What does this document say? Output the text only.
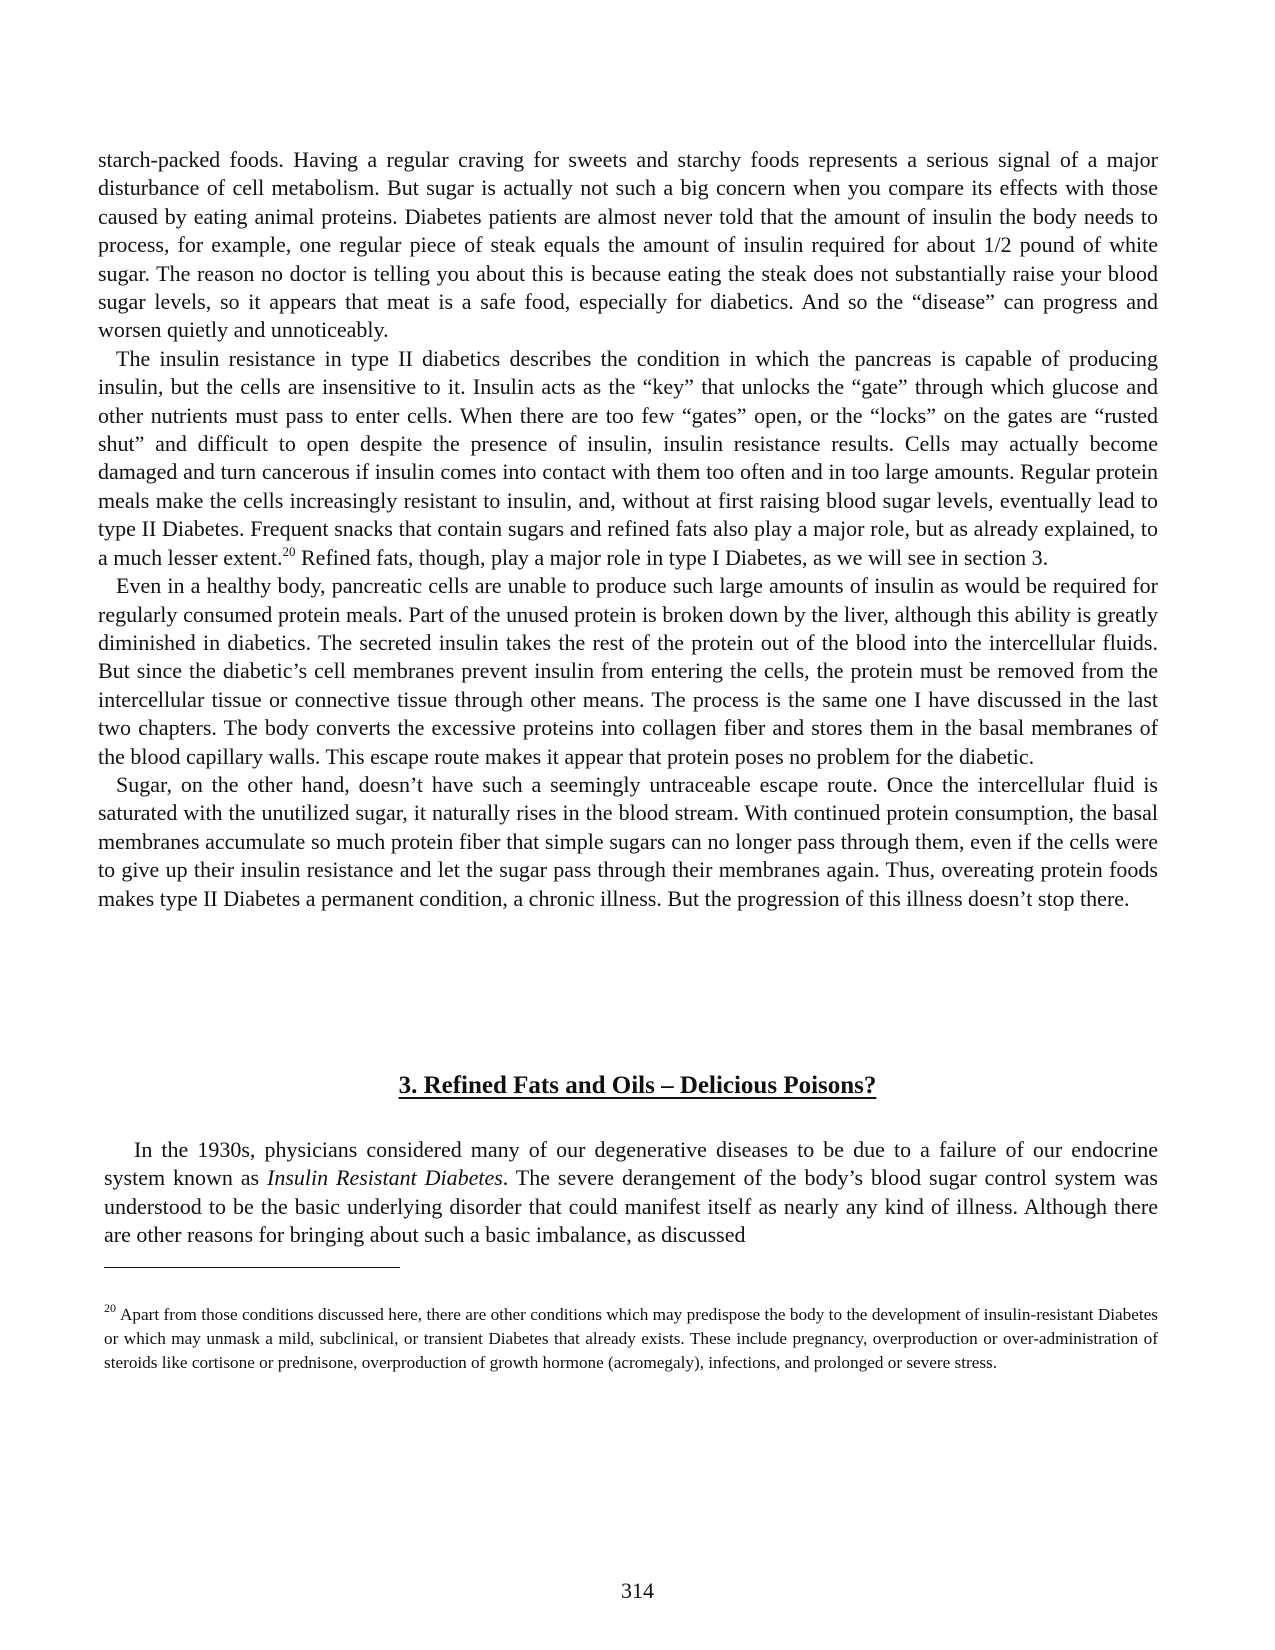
starch-packed foods. Having a regular craving for sweets and starchy foods represents a serious signal of a major disturbance of cell metabolism. But sugar is actually not such a big concern when you compare its effects with those caused by eating animal proteins. Diabetes patients are almost never told that the amount of insulin the body needs to process, for example, one regular piece of steak equals the amount of insulin required for about 1/2 pound of white sugar. The reason no doctor is telling you about this is because eating the steak does not substantially raise your blood sugar levels, so it appears that meat is a safe food, especially for diabetics. And so the “disease” can progress and worsen quietly and unnoticeably.

The insulin resistance in type II diabetics describes the condition in which the pancreas is capable of producing insulin, but the cells are insensitive to it. Insulin acts as the “key” that unlocks the “gate” through which glucose and other nutrients must pass to enter cells. When there are too few “gates” open, or the “locks” on the gates are “rusted shut” and difficult to open despite the presence of insulin, insulin resistance results. Cells may actually become damaged and turn cancerous if insulin comes into contact with them too often and in too large amounts. Regular protein meals make the cells increasingly resistant to insulin, and, without at first raising blood sugar levels, eventually lead to type II Diabetes. Frequent snacks that contain sugars and refined fats also play a major role, but as already explained, to a much lesser extent.$^{20}$ Refined fats, though, play a major role in type I Diabetes, as we will see in section 3.

Even in a healthy body, pancreatic cells are unable to produce such large amounts of insulin as would be required for regularly consumed protein meals. Part of the unused protein is broken down by the liver, although this ability is greatly diminished in diabetics. The secreted insulin takes the rest of the protein out of the blood into the intercellular fluids. But since the diabetic’s cell membranes prevent insulin from entering the cells, the protein must be removed from the intercellular tissue or connective tissue through other means. The process is the same one I have discussed in the last two chapters. The body converts the excessive proteins into collagen fiber and stores them in the basal membranes of the blood capillary walls. This escape route makes it appear that protein poses no problem for the diabetic.

Sugar, on the other hand, doesn’t have such a seemingly untraceable escape route. Once the intercellular fluid is saturated with the unutilized sugar, it naturally rises in the blood stream. With continued protein consumption, the basal membranes accumulate so much protein fiber that simple sugars can no longer pass through them, even if the cells were to give up their insulin resistance and let the sugar pass through their membranes again. Thus, overeating protein foods makes type II Diabetes a permanent condition, a chronic illness. But the progression of this illness doesn’t stop there.

3. Refined Fats and Oils – Delicious Poisons?

In the 1930s, physicians considered many of our degenerative diseases to be due to a failure of our endocrine system known as Insulin Resistant Diabetes. The severe derangement of the body’s blood sugar control system was understood to be the basic underlying disorder that could manifest itself as nearly any kind of illness. Although there are other reasons for bringing about such a basic imbalance, as discussed

$^{20}$ Apart from those conditions discussed here, there are other conditions which may predispose the body to the development of insulin-resistant Diabetes or which may unmask a mild, subclinical, or transient Diabetes that already exists. These include pregnancy, overproduction or over-administration of steroids like cortisone or prednisone, overproduction of growth hormone (acromegaly), infections, and prolonged or severe stress.
314
